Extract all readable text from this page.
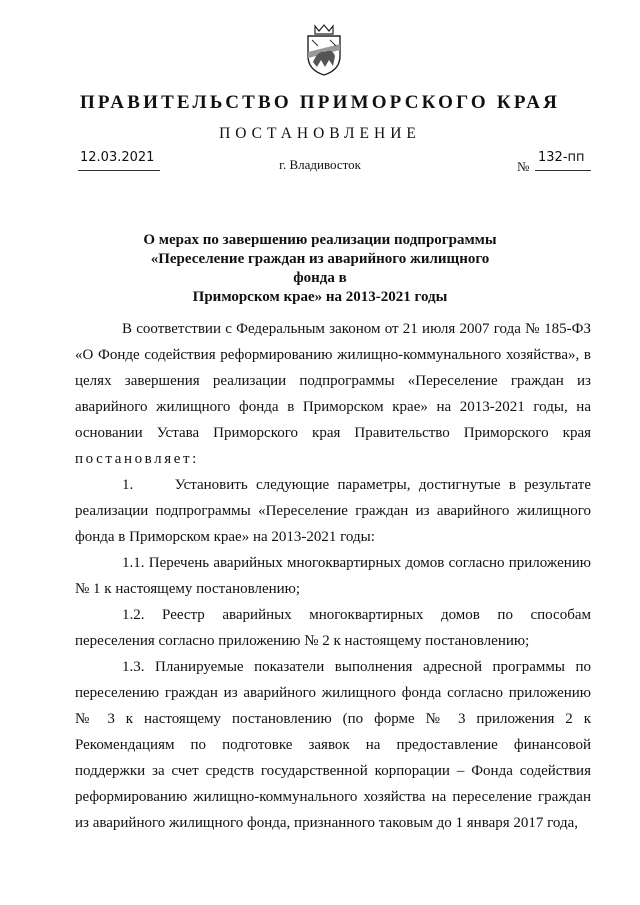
ПРАВИТЕЛЬСТВО ПРИМОРСКОГО КРАЯ
ПОСТАНОВЛЕНИЕ
12.03.2021	г. Владивосток	№
132-пп
О мерах по завершению реализации подпрограммы
«Переселение граждан из аварийного жилищного фонда в
Приморском крае» на 2013-2021 годы

В соответствии с Федеральным законом от 21 июля 2007 года № 185-ФЗ «О Фонде содействия реформированию жилищно-коммунального хозяйства», в целях завершения реализации подпрограммы «Переселение граждан из аварийного жилищного фонда в Приморском крае» на 2013-2021 годы, на основании Устава Приморского края Правительство Приморского края постановляет:

1.     Установить следующие параметры, достигнутые в результате реализации подпрограммы «Переселение граждан из аварийного жилищного фонда в Приморском крае» на 2013-2021 годы:

1.1. Перечень аварийных многоквартирных домов согласно приложению № 1 к настоящему постановлению;

1.2. Реестр аварийных многоквартирных домов по способам переселения согласно приложению № 2 к настоящему постановлению;

1.3. Планируемые показатели выполнения адресной программы по переселению граждан из аварийного жилищного фонда согласно приложению № 3 к настоящему постановлению (по форме № 3 приложения 2 к Рекомендациям по подготовке заявок на предоставление финансовой поддержки за счет средств государственной корпорации – Фонда содействия реформированию жилищно-коммунального хозяйства на переселение граждан из аварийного жилищного фонда, признанного таковым до 1 января 2017 года,
